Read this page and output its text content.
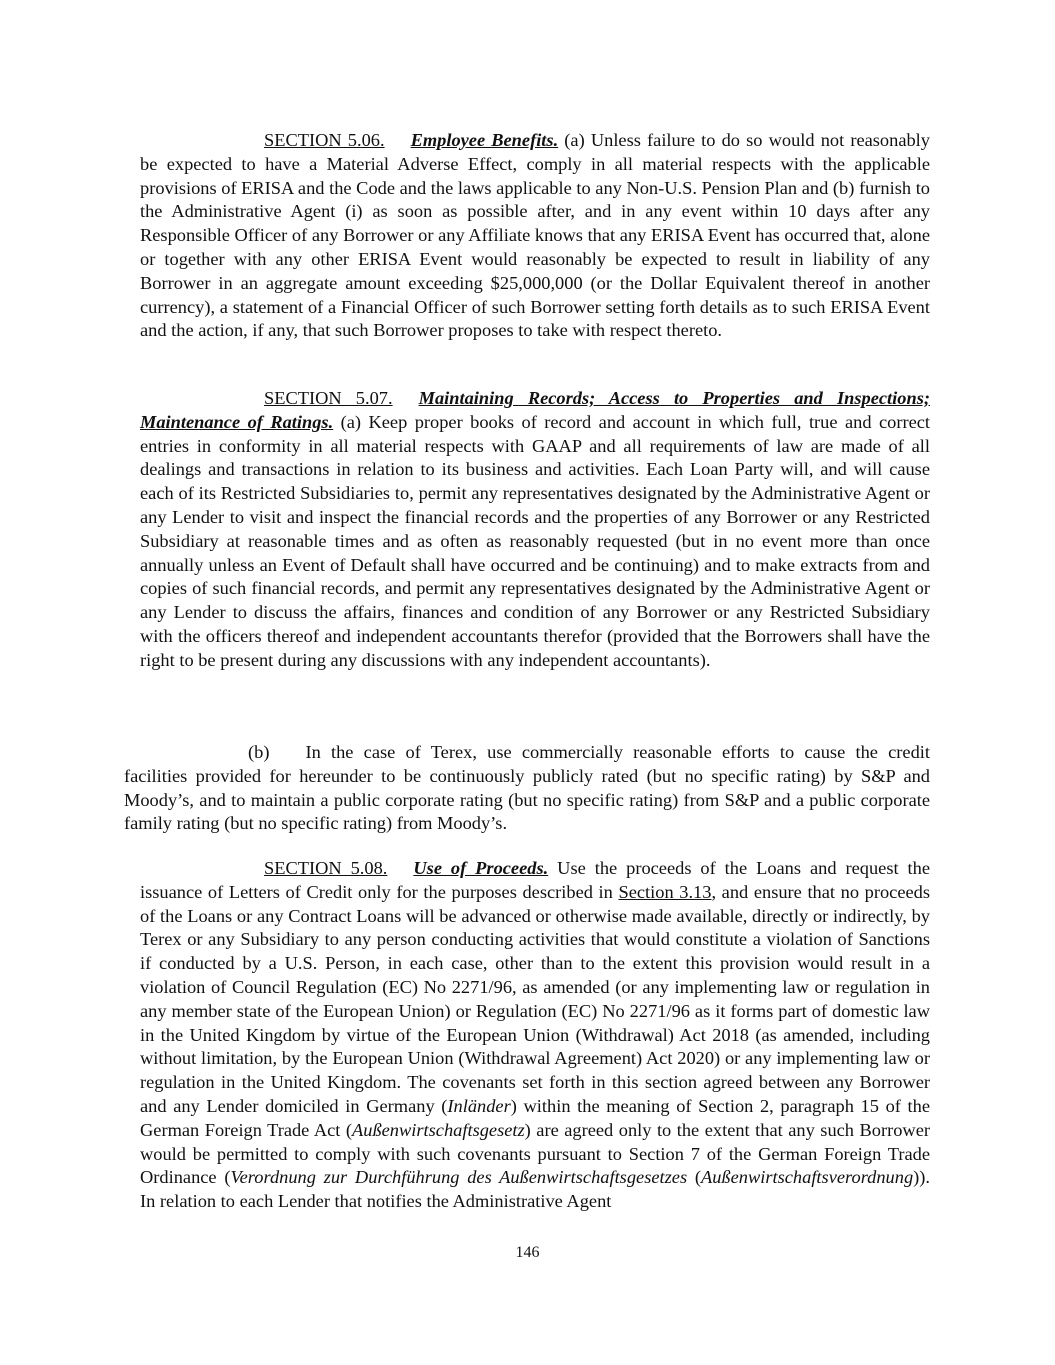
SECTION 5.06. Employee Benefits. (a) Unless failure to do so would not reasonably be expected to have a Material Adverse Effect, comply in all material respects with the applicable provisions of ERISA and the Code and the laws applicable to any Non-U.S. Pension Plan and (b) furnish to the Administrative Agent (i) as soon as possible after, and in any event within 10 days after any Responsible Officer of any Borrower or any Affiliate knows that any ERISA Event has occurred that, alone or together with any other ERISA Event would reasonably be expected to result in liability of any Borrower in an aggregate amount exceeding $25,000,000 (or the Dollar Equivalent thereof in another currency), a statement of a Financial Officer of such Borrower setting forth details as to such ERISA Event and the action, if any, that such Borrower proposes to take with respect thereto.

SECTION 5.07. Maintaining Records; Access to Properties and Inspections; Maintenance of Ratings. (a) Keep proper books of record and account in which full, true and correct entries in conformity in all material respects with GAAP and all requirements of law are made of all dealings and transactions in relation to its business and activities. Each Loan Party will, and will cause each of its Restricted Subsidiaries to, permit any representatives designated by the Administrative Agent or any Lender to visit and inspect the financial records and the properties of any Borrower or any Restricted Subsidiary at reasonable times and as often as reasonably requested (but in no event more than once annually unless an Event of Default shall have occurred and be continuing) and to make extracts from and copies of such financial records, and permit any representatives designated by the Administrative Agent or any Lender to discuss the affairs, finances and condition of any Borrower or any Restricted Subsidiary with the officers thereof and independent accountants therefor (provided that the Borrowers shall have the right to be present during any discussions with any independent accountants).

(b) In the case of Terex, use commercially reasonable efforts to cause the credit facilities provided for hereunder to be continuously publicly rated (but no specific rating) by S&P and Moody’s, and to maintain a public corporate rating (but no specific rating) from S&P and a public corporate family rating (but no specific rating) from Moody’s.

SECTION 5.08. Use of Proceeds. Use the proceeds of the Loans and request the issuance of Letters of Credit only for the purposes described in Section 3.13, and ensure that no proceeds of the Loans or any Contract Loans will be advanced or otherwise made available, directly or indirectly, by Terex or any Subsidiary to any person conducting activities that would constitute a violation of Sanctions if conducted by a U.S. Person, in each case, other than to the extent this provision would result in a violation of Council Regulation (EC) No 2271/96, as amended (or any implementing law or regulation in any member state of the European Union) or Regulation (EC) No 2271/96 as it forms part of domestic law in the United Kingdom by virtue of the European Union (Withdrawal) Act 2018 (as amended, including without limitation, by the European Union (Withdrawal Agreement) Act 2020) or any implementing law or regulation in the United Kingdom. The covenants set forth in this section agreed between any Borrower and any Lender domiciled in Germany (Inländer) within the meaning of Section 2, paragraph 15 of the German Foreign Trade Act (Außenwirtschaftsgesetz) are agreed only to the extent that any such Borrower would be permitted to comply with such covenants pursuant to Section 7 of the German Foreign Trade Ordinance (Verordnung zur Durchführung des Außenwirtschaftsgesetzes (Außenwirtschaftsverordnung)). In relation to each Lender that notifies the Administrative Agent

146
